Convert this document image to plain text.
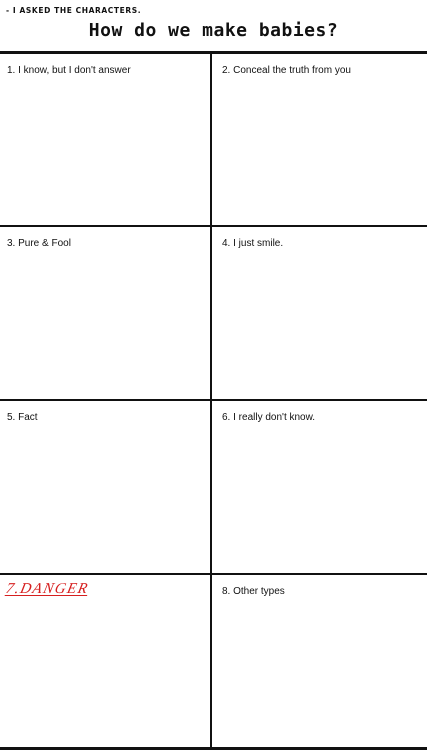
- I ASKED THE CHARACTERS.
How do we make babies?
1. I know, but I don't answer	2. Conceal the truth from you
3. Pure & Fool	4. I just smile.
5. Fact	6. I really don't know.
7.DANGER	8. Other types
